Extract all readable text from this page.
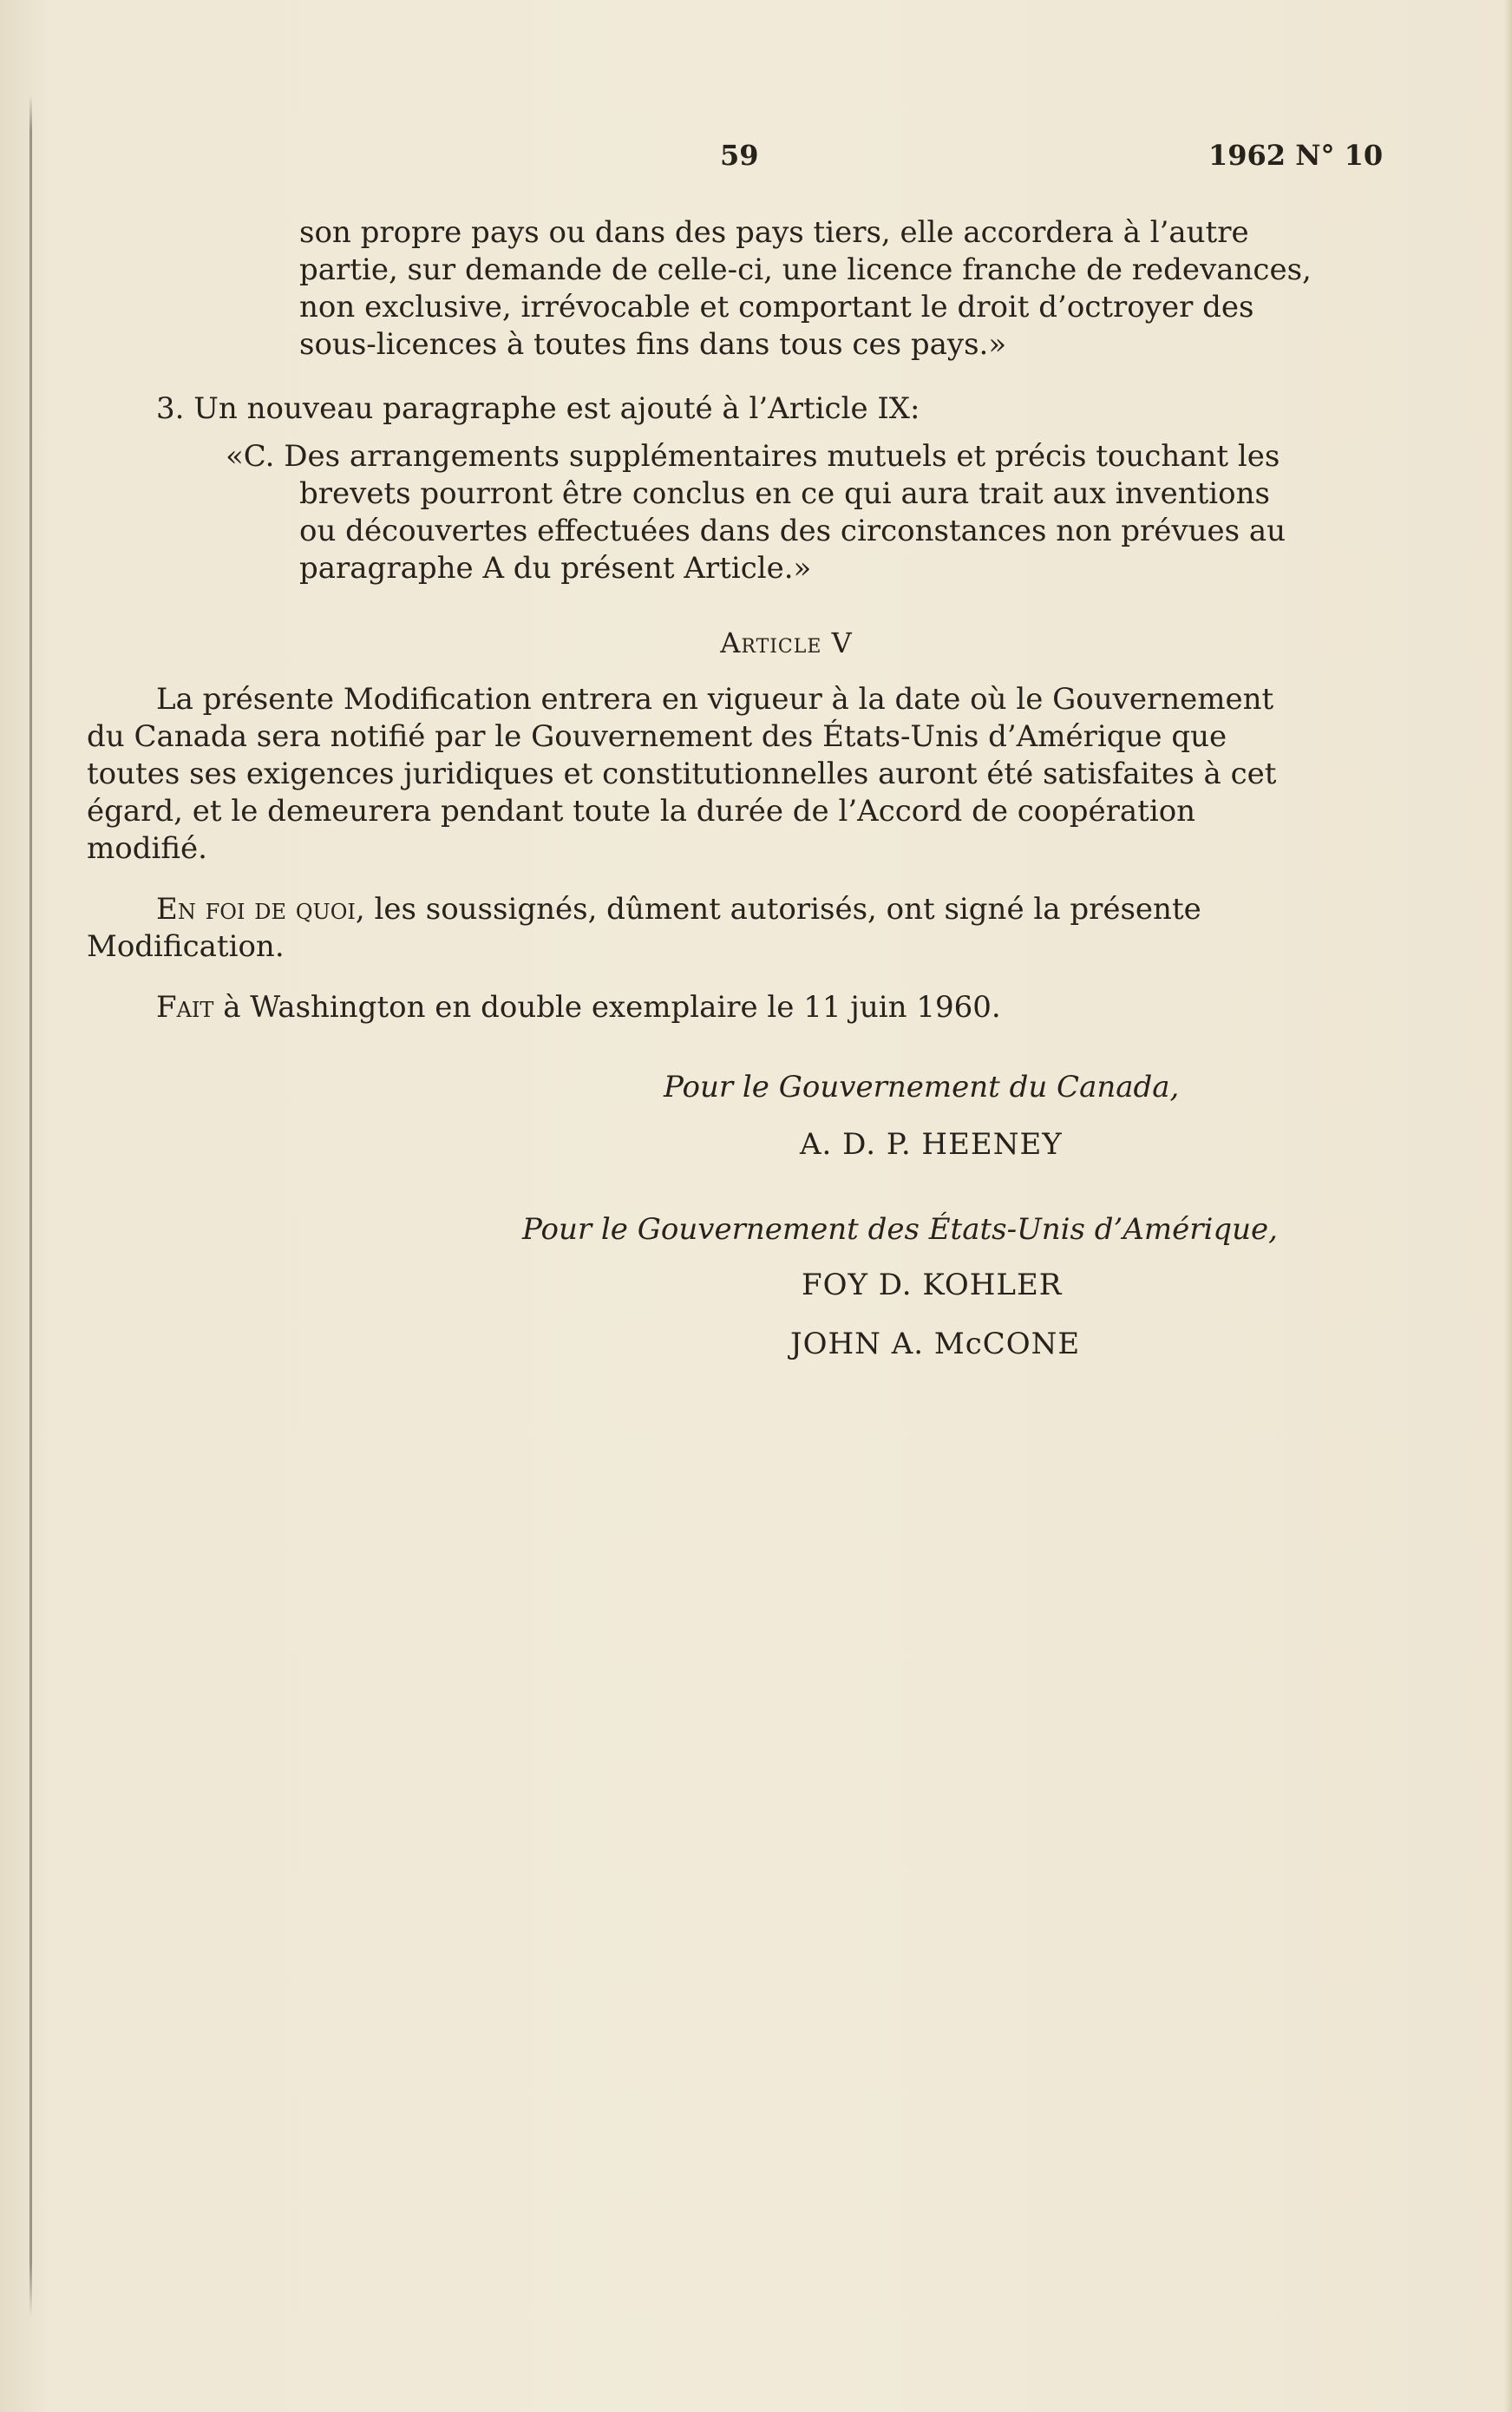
59	1962 N° 10

son propre pays ou dans des pays tiers, elle accordera à l’autre

partie, sur demande de celle-ci, une licence franche de redevances,

non exclusive, irrévocable et comportant le droit d’octroyer des

sous-licences à toutes fins dans tous ces pays.»

3. Un nouveau paragraphe est ajouté à l’Article IX:

«C. Des arrangements supplémentaires mutuels et précis touchant les

brevets pourront être conclus en ce qui aura trait aux inventions

ou découvertes effectuées dans des circonstances non prévues au

paragraphe A du présent Article.»

Article V

La présente Modification entrera en vigueur à la date où le Gouvernement

du Canada sera notifié par le Gouvernement des États-Unis d’Amérique que

toutes ses exigences juridiques et constitutionnelles auront été satisfaites à cet

égard, et le demeurera pendant toute la durée de l’Accord de coopération

modifié.

En foi de quoi, les soussignés, dûment autorisés, ont signé la présente

Modification.

Fait à Washington en double exemplaire le 11 juin 1960.

Pour le Gouvernement du Canada,
A. D. P. HEENEY
Pour le Gouvernement des États-Unis d’Amérique,
FOY D. KOHLER
JOHN A. McCONE
